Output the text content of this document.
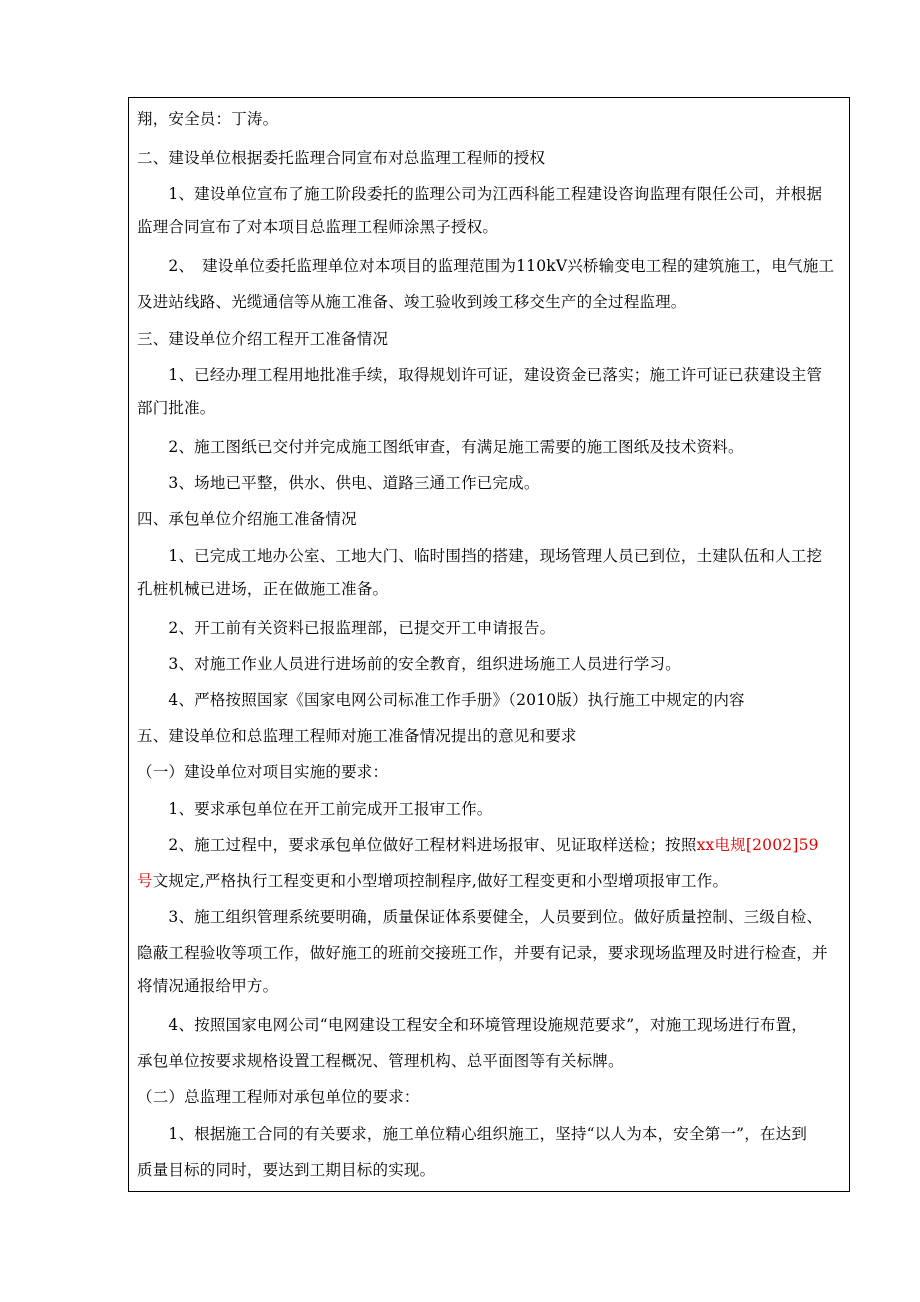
翔，安全员：丁涛。
二、建设单位根据委托监理合同宣布对总监理工程师的授权
　　1、建设单位宣布了施工阶段委托的监理公司为江西科能工程建设咨询监理有限任公司，并根据
监理合同宣布了对本项目总监理工程师涂黑子授权。
　　2、　建设单位委托监理单位对本项目的监理范围为110kV兴桥输变电工程的建筑施工，电气施工
及进站线路、光缆通信等从施工准备、竣工验收到竣工移交生产的全过程监理。
三、建设单位介绍工程开工准备情况
　　1、已经办理工程用地批准手续，取得规划许可证，建设资金已落实；施工许可证已获建设主管
部门批准。
　　2、施工图纸已交付并完成施工图纸审查，有满足施工需要的施工图纸及技术资料。
　　3、场地已平整，供水、供电、道路三通工作已完成。
四、承包单位介绍施工准备情况
　　1、已完成工地办公室、工地大门、临时围挡的搭建，现场管理人员已到位，土建队伍和人工挖
孔桩机械已进场，正在做施工准备。
　　2、开工前有关资料已报监理部，已提交开工申请报告。
　　3、对施工作业人员进行进场前的安全教育，组织进场施工人员进行学习。
　　4、严格按照国家《国家电网公司标准工作手册》（2010版）执行施工中规定的内容
五、建设单位和总监理工程师对施工准备情况提出的意见和要求
（一）建设单位对项目实施的要求：
　　1、要求承包单位在开工前完成开工报审工作。
　　2、施工过程中，要求承包单位做好工程材料进场报审、见证取样送检；按照xx电规[2002]59
号文规定,严格执行工程变更和小型增项控制程序,做好工程变更和小型增项报审工作。
　　3、施工组织管理系统要明确，质量保证体系要健全，人员要到位。做好质量控制、三级自检、
隐蔽工程验收等项工作，做好施工的班前交接班工作，并要有记录，要求现场监理及时进行检查，并
将情况通报给甲方。
　　4、按照国家电网公司“电网建设工程安全和环境管理设施规范要求”，对施工现场进行布置，
承包单位按要求规格设置工程概况、管理机构、总平面图等有关标牌。
（二）总监理工程师对承包单位的要求：
　　1、根据施工合同的有关要求，施工单位精心组织施工，坚持“以人为本，安全第一”，在达到
质量目标的同时，要达到工期目标的实现。
